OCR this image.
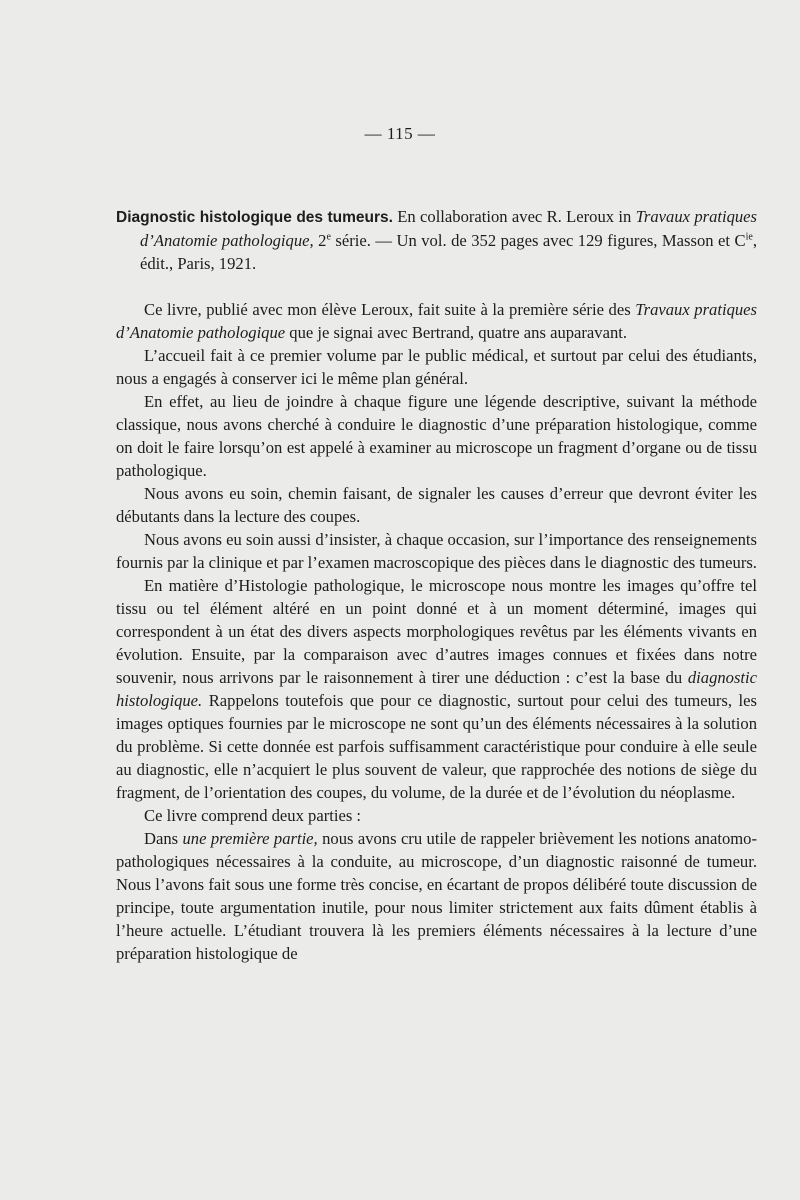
— 115 —

Diagnostic histologique des tumeurs. En collaboration avec R. Leroux in Travaux pratiques d’Anatomie pathologique, 2e série. — Un vol. de 352 pages avec 129 figures, Masson et $C^{ie}$, édit., Paris, 1921.

Ce livre, publié avec mon élève Leroux, fait suite à la première série des Travaux pratiques d’Anatomie pathologique que je signai avec Bertrand, quatre ans auparavant.

L’accueil fait à ce premier volume par le public médical, et surtout par celui des étudiants, nous a engagés à conserver ici le même plan général.

En effet, au lieu de joindre à chaque figure une légende descriptive, suivant la méthode classique, nous avons cherché à conduire le diagnostic d’une préparation histologique, comme on doit le faire lorsqu’on est appelé à examiner au microscope un fragment d’organe ou de tissu pathologique.

Nous avons eu soin, chemin faisant, de signaler les causes d’erreur que devront éviter les débutants dans la lecture des coupes.

Nous avons eu soin aussi d’insister, à chaque occasion, sur l’importance des renseignements fournis par la clinique et par l’examen macroscopique des pièces dans le diagnostic des tumeurs.

En matière d’Histologie pathologique, le microscope nous montre les images qu’offre tel tissu ou tel élément altéré en un point donné et à un moment déterminé, images qui correspondent à un état des divers aspects morphologiques revêtus par les éléments vivants en évolution. Ensuite, par la comparaison avec d’autres images connues et fixées dans notre souvenir, nous arrivons par le raisonnement à tirer une déduction : c’est la base du diagnostic histologique. Rappelons toutefois que pour ce diagnostic, surtout pour celui des tumeurs, les images optiques fournies par le microscope ne sont qu’un des éléments nécessaires à la solution du problème. Si cette donnée est parfois suffisamment caractéristique pour conduire à elle seule au diagnostic, elle n’acquiert le plus souvent de valeur, que rapprochée des notions de siège du fragment, de l’orientation des coupes, du volume, de la durée et de l’évolution du néoplasme.

Ce livre comprend deux parties :

Dans une première partie, nous avons cru utile de rappeler brièvement les notions anatomo-pathologiques nécessaires à la conduite, au microscope, d’un diagnostic raisonné de tumeur. Nous l’avons fait sous une forme très concise, en écartant de propos délibéré toute discussion de principe, toute argumentation inutile, pour nous limiter strictement aux faits dûment établis à l’heure actuelle. L’étudiant trouvera là les premiers éléments nécessaires à la lecture d’une préparation histologique de
